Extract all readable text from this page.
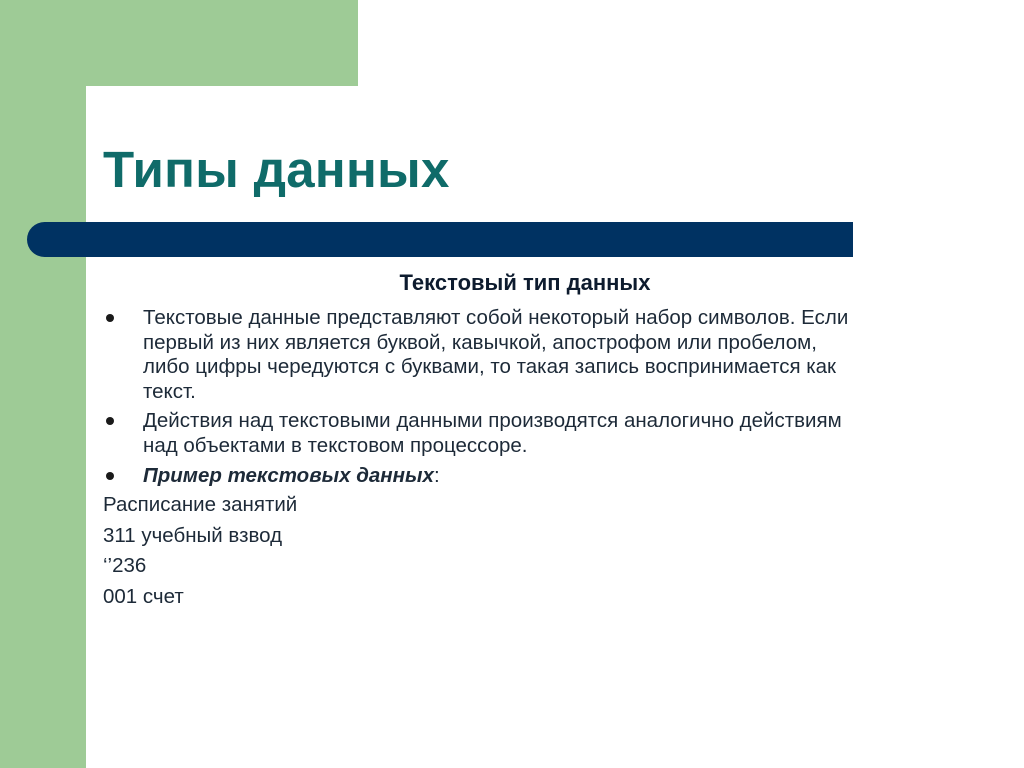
Типы данных
Текстовый тип данных
Текстовые данные представляют собой некоторый набор символов. Если
первый из них является буквой, кавычкой, апострофом или пробелом,
либо цифры чередуются с буквами, то такая запись воспринимается как
текст.
Действия над текстовыми данными производятся аналогично действиям
над объектами в текстовом процессоре.
Пример текстовых данных:
Расписание занятий
311 учебный взвод
‘’236
001 счет
